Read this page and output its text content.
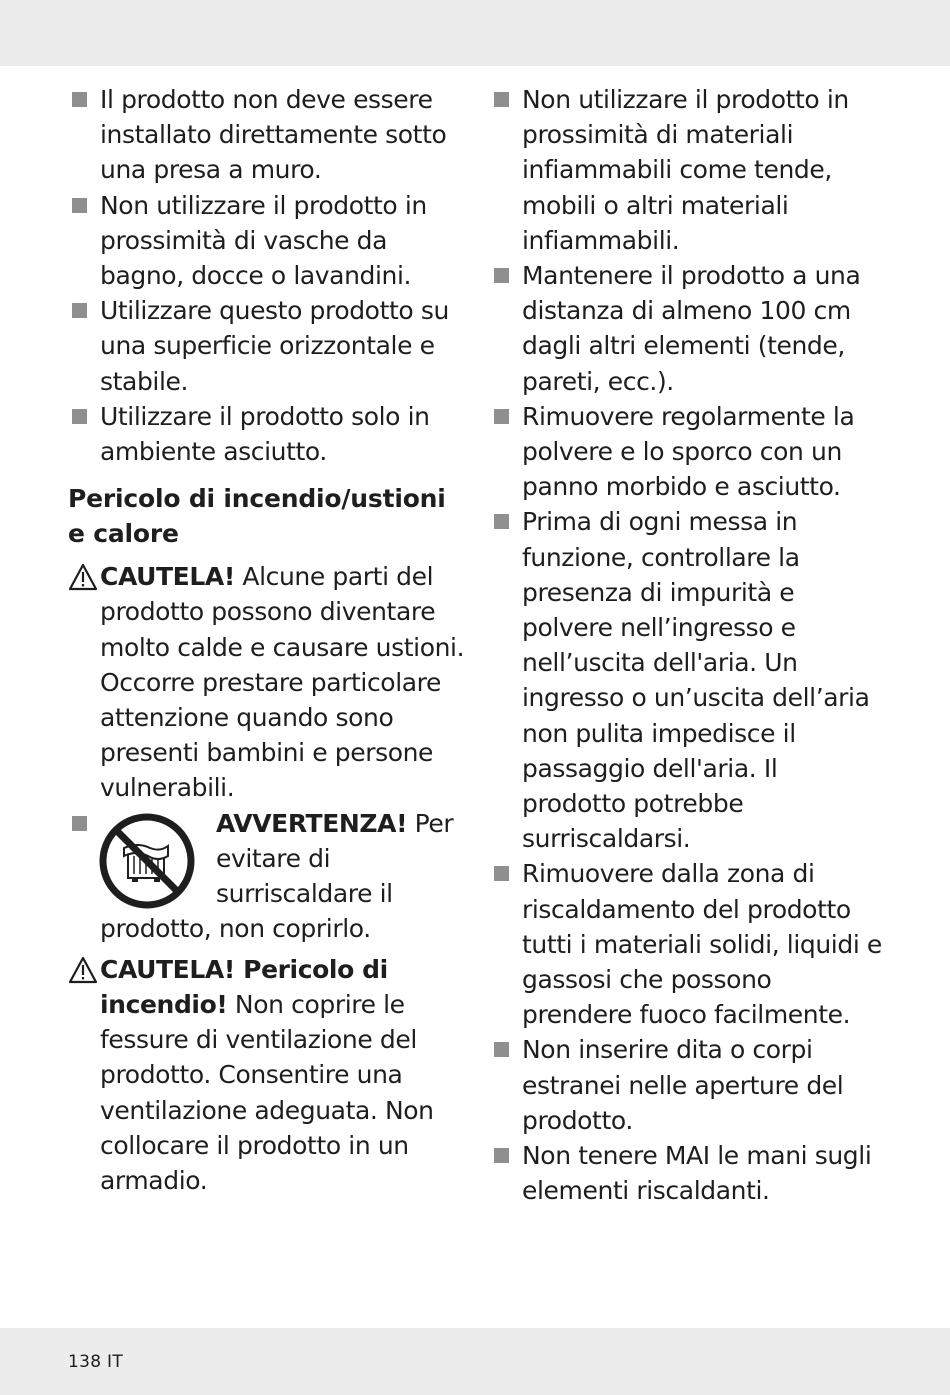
Il prodotto non deve essere installato direttamente sotto una presa a muro.
Non utilizzare il prodotto in prossimità di vasche da bagno, docce o lavandini.
Utilizzare questo prodotto su una superficie orizzontale e stabile.
Utilizzare il prodotto solo in ambiente asciutto.
Pericolo di incendio/ustioni e calore
CAUTELA! Alcune parti del prodotto possono diventare molto calde e causare ustioni. Occorre prestare particolare attenzione quando sono presenti bambini e persone vulnerabili.
AVVERTENZA! Per evitare di surriscaldare il
prodotto, non coprirlo.
CAUTELA! Pericolo di incendio! Non coprire le fessure di ventilazione del prodotto. Consentire una ventilazione adeguata. Non collocare il prodotto in un armadio.
Non utilizzare il prodotto in prossimità di materiali infiammabili come tende, mobili o altri materiali infiammabili.
Mantenere il prodotto a una distanza di almeno 100 cm dagli altri elementi (tende, pareti, ecc.).
Rimuovere regolarmente la polvere e lo sporco con un panno morbido e asciutto.
Prima di ogni messa in funzione, controllare la presenza di impurità e polvere nell’ingresso e nell’uscita dell'aria. Un ingresso o un’uscita dell’aria non pulita impedisce il passaggio dell'aria. Il prodotto potrebbe surriscaldarsi.
Rimuovere dalla zona di riscaldamento del prodotto tutti i materiali solidi, liquidi e gassosi che possono prendere fuoco facilmente.
Non inserire dita o corpi estranei nelle aperture del prodotto.
Non tenere MAI le mani sugli elementi riscaldanti.
138 IT
